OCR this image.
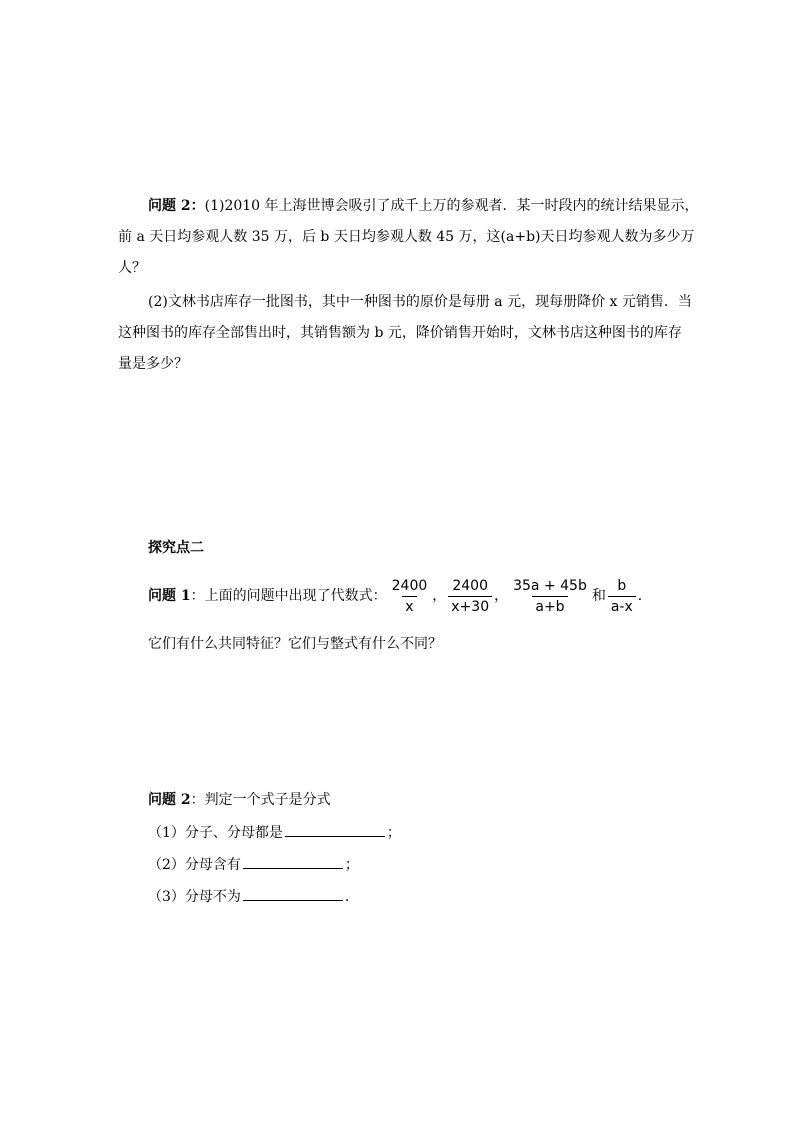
问题 2：(1)2010 年上海世博会吸引了成千上万的参观者．某一时段内的统计结果显示，
前 a 天日均参观人数 35 万，后 b 天日均参观人数 45 万，这(a+b)天日均参观人数为多少万
人？
(2)文林书店库存一批图书，其中一种图书的原价是每册 a 元，现每册降价 x 元销售．当
这种图书的库存全部售出时，其销售额为 b 元，降价销售开始时，文林书店这种图书的库存
量是多少？
探究点二
问题 1 ：上面的问题中出现了代数式： $\frac{2400}{x}$ ， $\frac{2400}{x+30}$ ， $\frac{35a + 45b}{a+b}$ 和 $\frac{b}{a-x}$ .
它们有什么共同特征？它们与整式有什么不同？
问题 2：判定一个式子是分式
（1）分子、分母都是	；
（2）分母含有	；
（3）分母不为	.
